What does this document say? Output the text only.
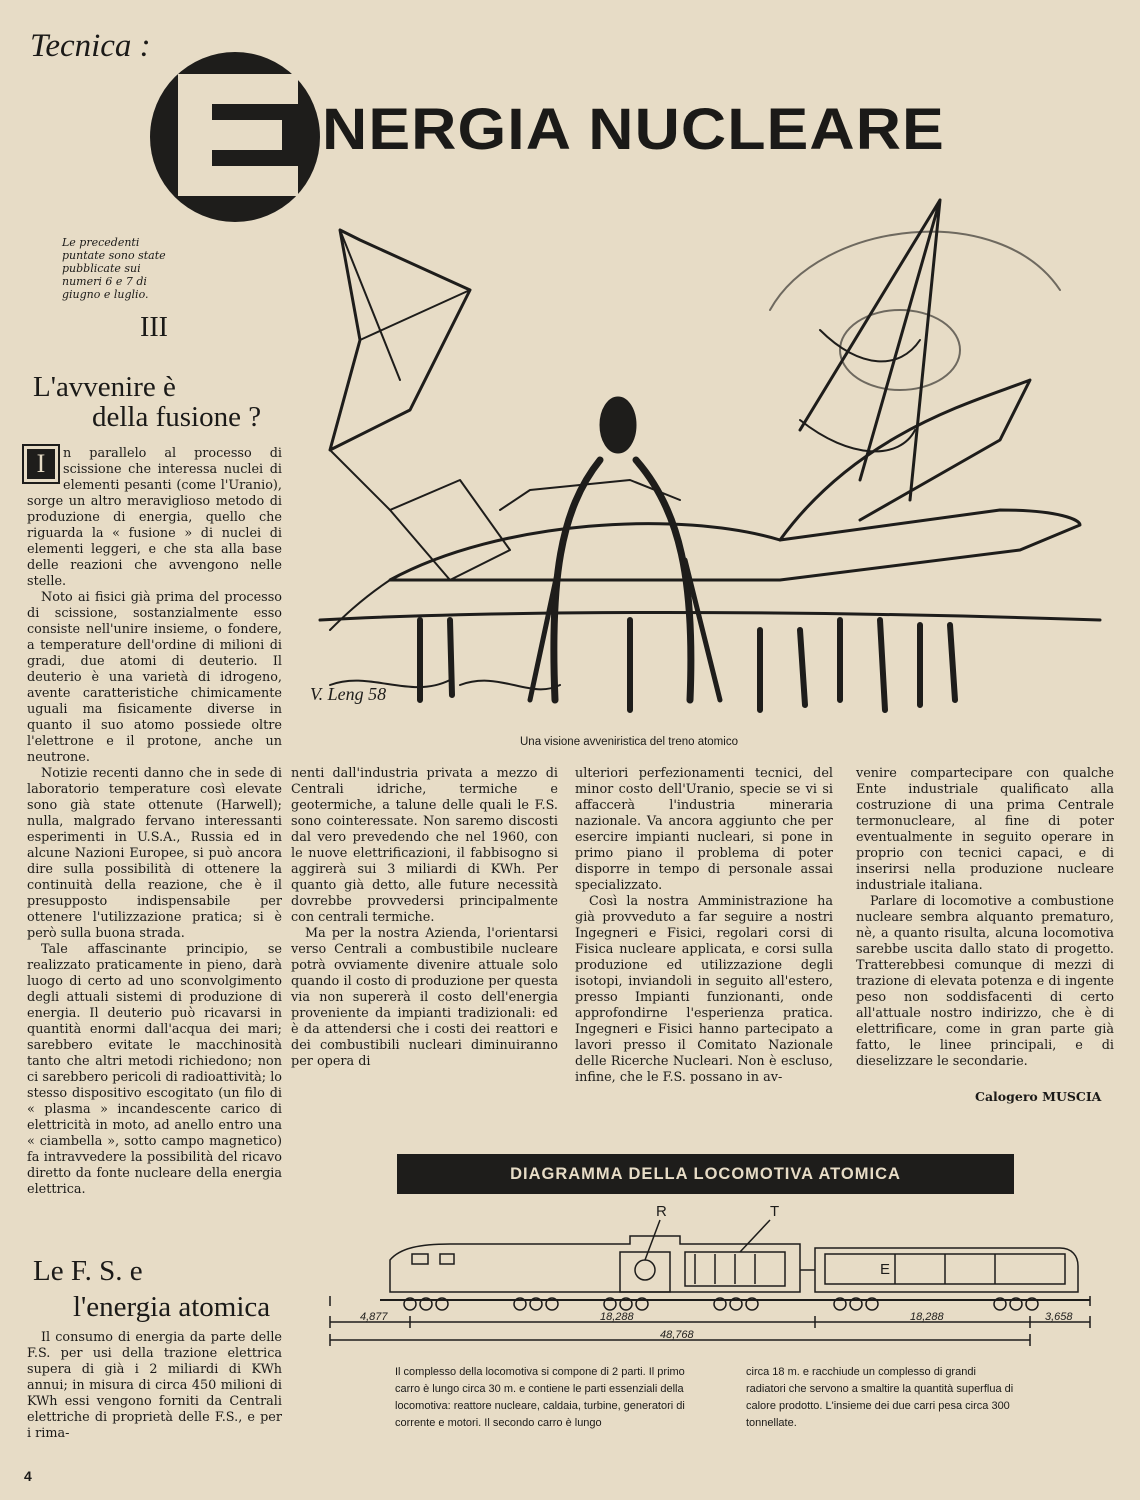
Tecnica :
NERGIA NUCLEARE
Le precedenti puntate sono state pubblicate sui numeri 6 e 7 di giugno e luglio.
III
L'avvenire è
della fusione ?

I	n parallelo al processo di scissione che interessa nuclei di elementi pesanti (come l'Uranio), sorge un altro meraviglioso metodo di produzione di energia, quello che riguarda la « fusione » di nuclei di elementi leggeri, e che sta alla base delle reazioni che avvengono nelle stelle.

Noto ai fisici già prima del processo di scissione, sostanzialmente esso consiste nell'unire insieme, o fondere, a temperature dell'ordine di milioni di gradi, due atomi di deuterio. Il deuterio è una varietà di idrogeno, avente caratteristiche chimicamente uguali ma fisicamente diverse in quanto il suo atomo possiede oltre l'elettrone e il protone, anche un neutrone.

Notizie recenti danno che in sede di laboratorio temperature così elevate sono già state ottenute (Harwell); nulla, malgrado fervano interessanti esperimenti in U.S.A., Russia ed in alcune Nazioni Europee, si può ancora dire sulla possibilità di ottenere la continuità della reazione, che è il presupposto indispensabile per ottenere l'utilizzazione pratica; si è però sulla buona strada.

Tale affascinante principio, se realizzato praticamente in pieno, darà luogo di certo ad uno sconvolgimento degli attuali sistemi di produzione di energia. Il deuterio può ricavarsi in quantità enormi dall'acqua dei mari; sarebbero evitate le macchinosità tanto che altri metodi richiedono; non ci sarebbero pericoli di radioattività; lo stesso dispositivo escogitato (un filo di « plasma » incandescente carico di elettricità in moto, ad anello entro una « ciambella », sotto campo magnetico) fa intravvedere la possibilità del ricavo diretto da fonte nucleare della energia elettrica.

Le F. S. e
l'energia atomica

Il consumo di energia da parte delle F.S. per usi della trazione elettrica supera di già i 2 miliardi di KWh annui; in misura di circa 450 milioni di KWh essi vengono forniti da Centrali elettriche di proprietà delle F.S., e per i rima-

V. Leng 58
Una visione avveniristica del treno atomico

nenti dall'industria privata a mezzo di Centrali idriche, termiche e geotermiche, a talune delle quali le F.S. sono cointeressate. Non saremo discosti dal vero prevedendo che nel 1960, con le nuove elettrificazioni, il fabbisogno si aggirerà sui 3 miliardi di KWh. Per quanto già detto, alle future necessità dovrebbe provvedersi principalmente con centrali termiche.

Ma per la nostra Azienda, l'orientarsi verso Centrali a combustibile nucleare potrà ovviamente divenire attuale solo quando il costo di produzione per questa via non supererà il costo dell'energia proveniente da impianti tradizionali: ed è da attendersi che i costi dei reattori e dei combustibili nucleari diminuiranno per opera di

ulteriori perfezionamenti tecnici, del minor costo dell'Uranio, specie se vi si affaccerà l'industria mineraria nazionale. Va ancora aggiunto che per esercire impianti nucleari, si pone in primo piano il problema di poter disporre in tempo di personale assai specializzato.

Così la nostra Amministrazione ha già provveduto a far seguire a nostri Ingegneri e Fisici, regolari corsi di Fisica nucleare applicata, e corsi sulla produzione ed utilizzazione degli isotopi, inviandoli in seguito all'estero, presso Impianti funzionanti, onde approfondirne l'esperienza pratica. Ingegneri e Fisici hanno partecipato a lavori presso il Comitato Nazionale delle Ricerche Nucleari. Non è escluso, infine, che le F.S. possano in av-

venire compartecipare con qualche Ente industriale qualificato alla costruzione di una prima Centrale termonucleare, al fine di poter eventualmente in seguito operare in proprio con tecnici capaci, e di inserirsi nella produzione nucleare industriale italiana.

Parlare di locomotive a combustione nucleare sembra alquanto prematuro, nè, a quanto risulta, alcuna locomotiva sarebbe uscita dallo stato di progetto. Tratterebbesi comunque di mezzi di trazione di elevata potenza e di ingente peso non soddisfacenti di certo all'attuale nostro indirizzo, che è di elettrificare, come in gran parte già fatto, le linee principali, e di dieselizzare le secondarie.

Calogero MUSCIA
DIAGRAMMA DELLA LOCOMOTIVA ATOMICA
R	T
E
4,877	18,288	18,288	3,658
48,768
Il complesso della locomotiva si compone di 2 parti. Il primo carro è lungo circa 30 m. e contiene le parti essenziali della locomotiva: reattore nucleare, caldaia, turbine, generatori di corrente e motori. Il secondo carro è lungo
circa 18 m. e racchiude un complesso di grandi radiatori che servono a smaltire la quantità superflua di calore prodotto. L'insieme dei due carri pesa circa 300 tonnellate.
4
